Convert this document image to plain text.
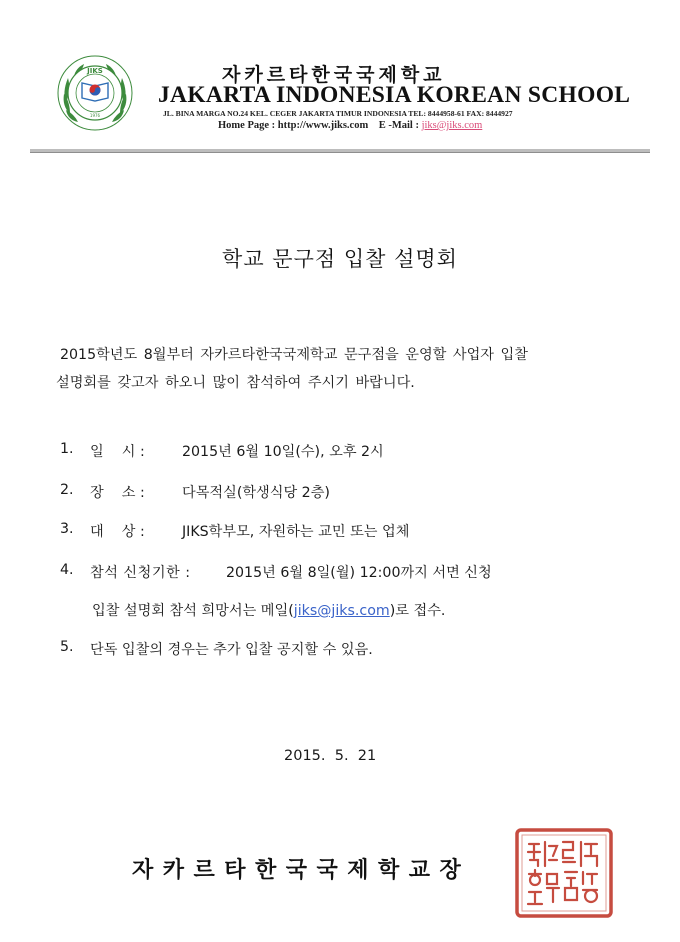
JIKS
1976
자카르타한국국제학교
JAKARTA INDONESIA KOREAN SCHOOL
JL. BINA MARGA NO.24 KEL. CEGER JAKARTA TIMUR INDONESIA TEL: 8444958-61 FAX: 8444927
Home Page : http://www.jiks.com E -Mail : jiks@jiks.com
학교 문구점 입찰 설명회
2015학년도 8월부터 자카르타한국국제학교 문구점을 운영할 사업자 입찰
설명회를 갖고자 하오니 많이 참석하여 주시기 바랍니다.
1.	일    시 :	2015년 6월 10일(수), 오후 2시
2.	장    소 :	다목적실(학생식당 2층)
3.	대    상 :	JIKS학부모, 자원하는 교민 또는 업체
4.	참석 신청기한 : 2015년 6월 8일(월) 12:00까지 서면 신청
입찰 설명회 참석 희망서는 메일(jiks@jiks.com)로 접수.
5.	단독 입찰의 경우는 추가 입찰 공지할 수 있음.
2015.  5.  21
자카르타한국국제학교장
